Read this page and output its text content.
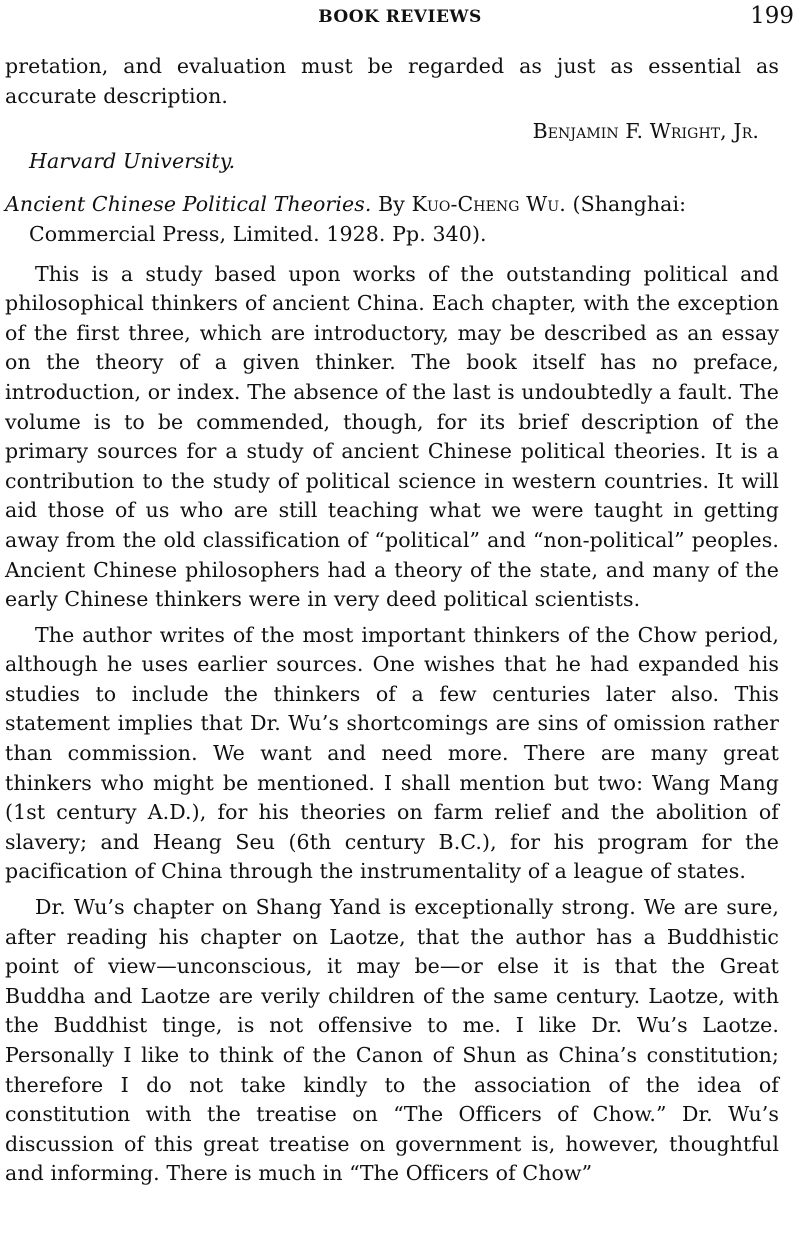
BOOK REVIEWS	199

pretation, and evaluation must be regarded as just as essential as accurate description.

Benjamin F. Wright, Jr.
Harvard University.
Ancient Chinese Political Theories. By Kuo-Cheng Wu. (Shanghai: Commercial Press, Limited. 1928. Pp. 340).

This is a study based upon works of the outstanding political and philosophical thinkers of ancient China. Each chapter, with the exception of the first three, which are introductory, may be described as an essay on the theory of a given thinker. The book itself has no preface, introduction, or index. The absence of the last is undoubtedly a fault. The volume is to be commended, though, for its brief description of the primary sources for a study of ancient Chinese political theories. It is a contribution to the study of political science in western countries. It will aid those of us who are still teaching what we were taught in getting away from the old classification of “political” and “non-political” peoples. Ancient Chinese philosophers had a theory of the state, and many of the early Chinese thinkers were in very deed political scientists.

The author writes of the most important thinkers of the Chow period, although he uses earlier sources. One wishes that he had expanded his studies to include the thinkers of a few centuries later also. This statement implies that Dr. Wu’s shortcomings are sins of omission rather than commission. We want and need more. There are many great thinkers who might be mentioned. I shall mention but two: Wang Mang (1st century A.D.), for his theories on farm relief and the abolition of slavery; and Heang Seu (6th century B.C.), for his program for the pacification of China through the instrumentality of a league of states.

Dr. Wu’s chapter on Shang Yand is exceptionally strong. We are sure, after reading his chapter on Laotze, that the author has a Buddhistic point of view—unconscious, it may be—or else it is that the Great Buddha and Laotze are verily children of the same century. Laotze, with the Buddhist tinge, is not offensive to me. I like Dr. Wu’s Laotze. Personally I like to think of the Canon of Shun as China’s constitution; therefore I do not take kindly to the association of the idea of constitution with the treatise on “The Officers of Chow.” Dr. Wu’s discussion of this great treatise on government is, however, thoughtful and informing. There is much in “The Officers of Chow”
